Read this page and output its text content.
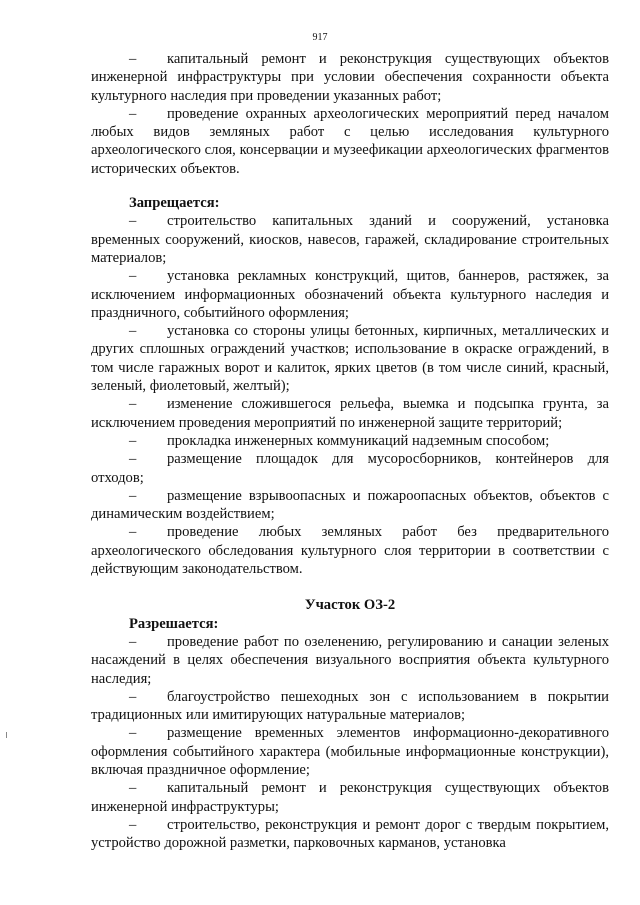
917

– капитальный ремонт и реконструкция существующих объектов инженерной инфраструктуры при условии обеспечения сохранности объекта культурного наследия при проведении указанных работ;

– проведение охранных археологических мероприятий перед началом любых видов земляных работ с целью исследования культурного археологического слоя, консервации и музеефикации археологических фрагментов исторических объектов.

Запрещается:

– строительство капитальных зданий и сооружений, установка временных сооружений, киосков, навесов, гаражей, складирование строительных материалов;

– установка рекламных конструкций, щитов, баннеров, растяжек, за исключением информационных обозначений объекта культурного наследия и праздничного, событийного оформления;

– установка со стороны улицы бетонных, кирпичных, металлических и других сплошных ограждений участков; использование в окраске ограждений, в том числе гаражных ворот и калиток, ярких цветов (в том числе синий, красный, зеленый, фиолетовый, желтый);

– изменение сложившегося рельефа, выемка и подсыпка грунта, за исключением проведения мероприятий по инженерной защите территорий;

– прокладка инженерных коммуникаций надземным способом;

– размещение площадок для мусоросборников, контейнеров для отходов;

– размещение взрывоопасных и пожароопасных объектов, объектов с динамическим воздействием;

– проведение любых земляных работ без предварительного археологического обследования культурного слоя территории в соответствии с действующим законодательством.

Участок ОЗ-2

Разрешается:

– проведение работ по озеленению, регулированию и санации зеленых насаждений в целях обеспечения визуального восприятия объекта культурного наследия;

– благоустройство пешеходных зон с использованием в покрытии традиционных или имитирующих натуральные материалов;

– размещение временных элементов информационно-декоративного оформления событийного характера (мобильные информационные конструкции), включая праздничное оформление;

– капитальный ремонт и реконструкция существующих объектов инженерной инфраструктуры;

– строительство, реконструкция и ремонт дорог с твердым покрытием, устройство дорожной разметки, парковочных карманов, установка
